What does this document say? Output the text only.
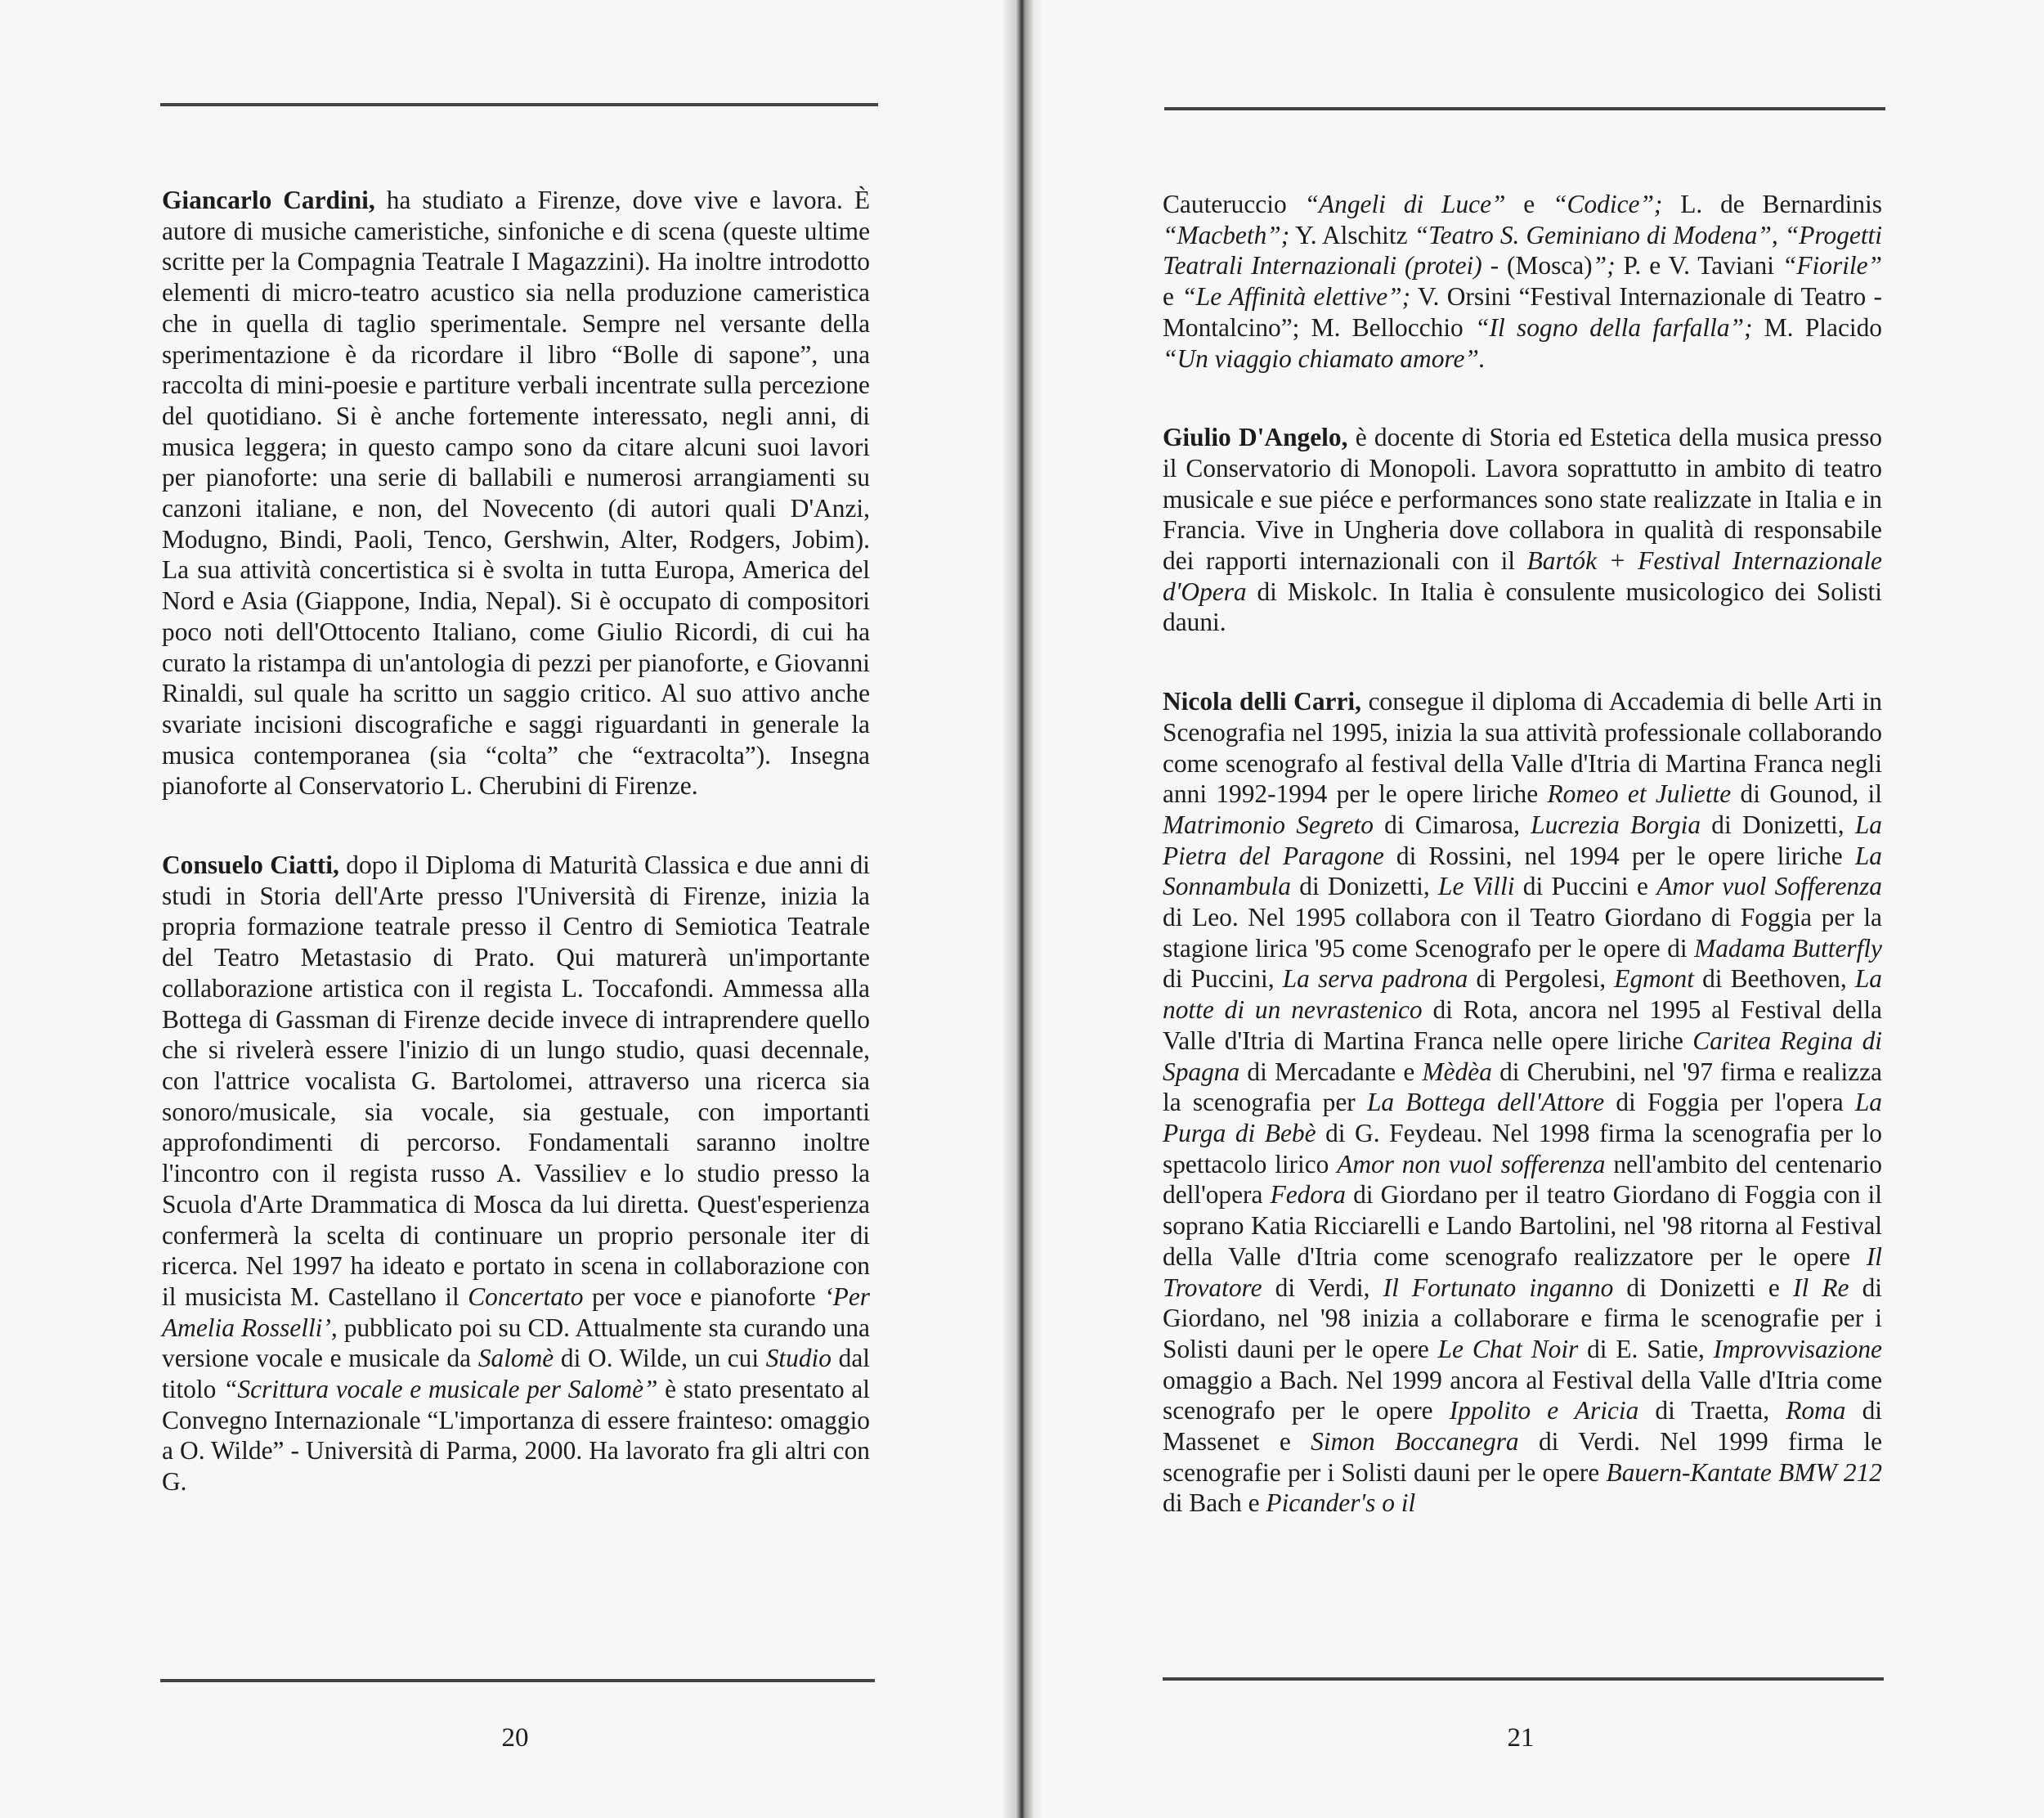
Giancarlo Cardini, ha studiato a Firenze, dove vive e lavora. È autore di musiche cameristiche, sinfoniche e di scena (queste ultime scritte per la Compagnia Teatrale I Magazzini). Ha inoltre introdotto elementi di micro-teatro acustico sia nella produzione cameristica che in quella di taglio sperimentale. Sempre nel versante della sperimentazione è da ricordare il libro “Bolle di sapone”, una raccolta di mini-poesie e partiture verbali incentrate sulla percezione del quotidiano. Si è anche fortemente interessato, negli anni, di musica leggera; in questo campo sono da citare alcuni suoi lavori per pianoforte: una serie di ballabili e numerosi arrangiamenti su canzoni italiane, e non, del Novecento (di autori quali D'Anzi, Modugno, Bindi, Paoli, Tenco, Gershwin, Alter, Rodgers, Jobim). La sua attività concertistica si è svolta in tutta Europa, America del Nord e Asia (Giappone, India, Nepal). Si è occupato di compositori poco noti dell'Ottocento Italiano, come Giulio Ricordi, di cui ha curato la ristampa di un'antologia di pezzi per pianoforte, e Giovanni Rinaldi, sul quale ha scritto un saggio critico. Al suo attivo anche svariate incisioni discografiche e saggi riguardanti in generale la musica contemporanea (sia “colta” che “extracolta”). Insegna pianoforte al Conservatorio L. Cherubini di Firenze.

Consuelo Ciatti, dopo il Diploma di Maturità Classica e due anni di studi in Storia dell'Arte presso l'Università di Firenze, inizia la propria formazione teatrale presso il Centro di Semiotica Teatrale del Teatro Metastasio di Prato. Qui maturerà un'importante collaborazione artistica con il regista L. Toccafondi. Ammessa alla Bottega di Gassman di Firenze decide invece di intraprendere quello che si rivelerà essere l'inizio di un lungo studio, quasi decennale, con l'attrice vocalista G. Bartolomei, attraverso una ricerca sia sonoro/musicale, sia vocale, sia gestuale, con importanti approfondimenti di percorso. Fondamentali saranno inoltre l'incontro con il regista russo A. Vassiliev e lo studio presso la Scuola d'Arte Drammatica di Mosca da lui diretta. Quest'esperienza confermerà la scelta di continuare un proprio personale iter di ricerca. Nel 1997 ha ideato e portato in scena in collaborazione con il musicista M. Castellano il Concertato per voce e pianoforte ‘Per Amelia Rosselli’, pubblicato poi su CD. Attualmente sta curando una versione vocale e musicale da Salomè di O. Wilde, un cui Studio dal titolo “Scrittura vocale e musicale per Salomè” è stato presentato al Convegno Internazionale “L'importanza di essere frainteso: omaggio a O. Wilde” - Università di Parma, 2000. Ha lavorato fra gli altri con G.

20

Cauteruccio “Angeli di Luce” e “Codice”; L. de Bernardinis “Macbeth”; Y. Alschitz “Teatro S. Geminiano di Modena”, “Progetti Teatrali Internazionali (protei) - (Mosca)”; P. e V. Taviani “Fiorile” e “Le Affinità elettive”; V. Orsini “Festival Internazionale di Teatro - Montalcino”; M. Bellocchio “Il sogno della farfalla”; M. Placido “Un viaggio chiamato amore”.

Giulio D'Angelo, è docente di Storia ed Estetica della musica presso il Conservatorio di Monopoli. Lavora soprattutto in ambito di teatro musicale e sue piéce e performances sono state realizzate in Italia e in Francia. Vive in Ungheria dove collabora in qualità di responsabile dei rapporti internazionali con il Bartók + Festival Internazionale d'Opera di Miskolc. In Italia è consulente musicologico dei Solisti dauni.

Nicola delli Carri, consegue il diploma di Accademia di belle Arti in Scenografia nel 1995, inizia la sua attività professionale collaborando come scenografo al festival della Valle d'Itria di Martina Franca negli anni 1992-1994 per le opere liriche Romeo et Juliette di Gounod, il Matrimonio Segreto di Cimarosa, Lucrezia Borgia di Donizetti, La Pietra del Paragone di Rossini, nel 1994 per le opere liriche La Sonnambula di Donizetti, Le Villi di Puccini e Amor vuol Sofferenza di Leo. Nel 1995 collabora con il Teatro Giordano di Foggia per la stagione lirica '95 come Scenografo per le opere di Madama Butterfly di Puccini, La serva padrona di Pergolesi, Egmont di Beethoven, La notte di un nevrastenico di Rota, ancora nel 1995 al Festival della Valle d'Itria di Martina Franca nelle opere liriche Caritea Regina di Spagna di Mercadante e Mèdèa di Cherubini, nel '97 firma e realizza la scenografia per La Bottega dell'Attore di Foggia per l'opera La Purga di Bebè di G. Feydeau. Nel 1998 firma la scenografia per lo spettacolo lirico Amor non vuol sofferenza nell'ambito del centenario dell'opera Fedora di Giordano per il teatro Giordano di Foggia con il soprano Katia Ricciarelli e Lando Bartolini, nel '98 ritorna al Festival della Valle d'Itria come scenografo realizzatore per le opere Il Trovatore di Verdi, Il Fortunato inganno di Donizetti e Il Re di Giordano, nel '98 inizia a collaborare e firma le scenografie per i Solisti dauni per le opere Le Chat Noir di E. Satie, Improvvisazione omaggio a Bach. Nel 1999 ancora al Festival della Valle d'Itria come scenografo per le opere Ippolito e Aricia di Traetta, Roma di Massenet e Simon Boccanegra di Verdi. Nel 1999 firma le scenografie per i Solisti dauni per le opere Bauern-Kantate BMW 212 di Bach e Picander's o il

21
